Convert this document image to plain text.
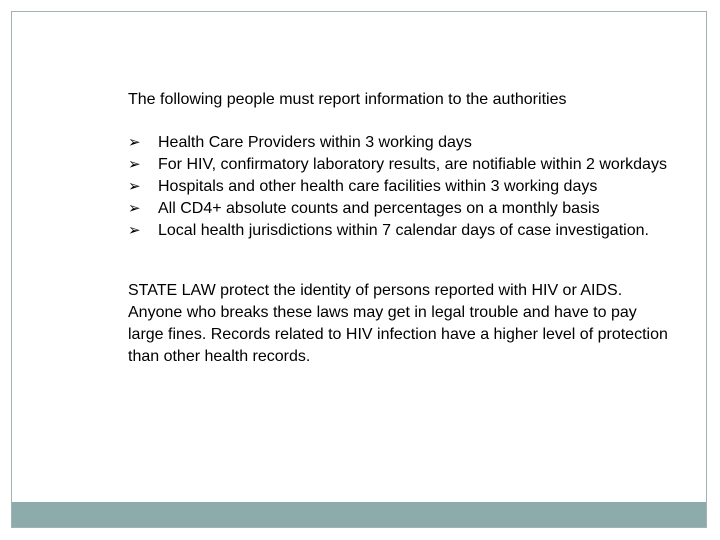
The following people must report information to the authorities

➢ Health Care Providers within 3 working days
➢ For HIV, confirmatory laboratory results, are notifiable within 2 workdays
➢ Hospitals and other health care facilities within 3 working days
➢ All CD4+ absolute counts and percentages on a monthly basis
➢ Local health jurisdictions within 7 calendar days of case investigation.

STATE LAW protect the identity of persons reported with HIV or AIDS. Anyone who breaks these laws may get in legal trouble and have to pay large fines. Records related to HIV infection have a higher level of protection than other health records.
